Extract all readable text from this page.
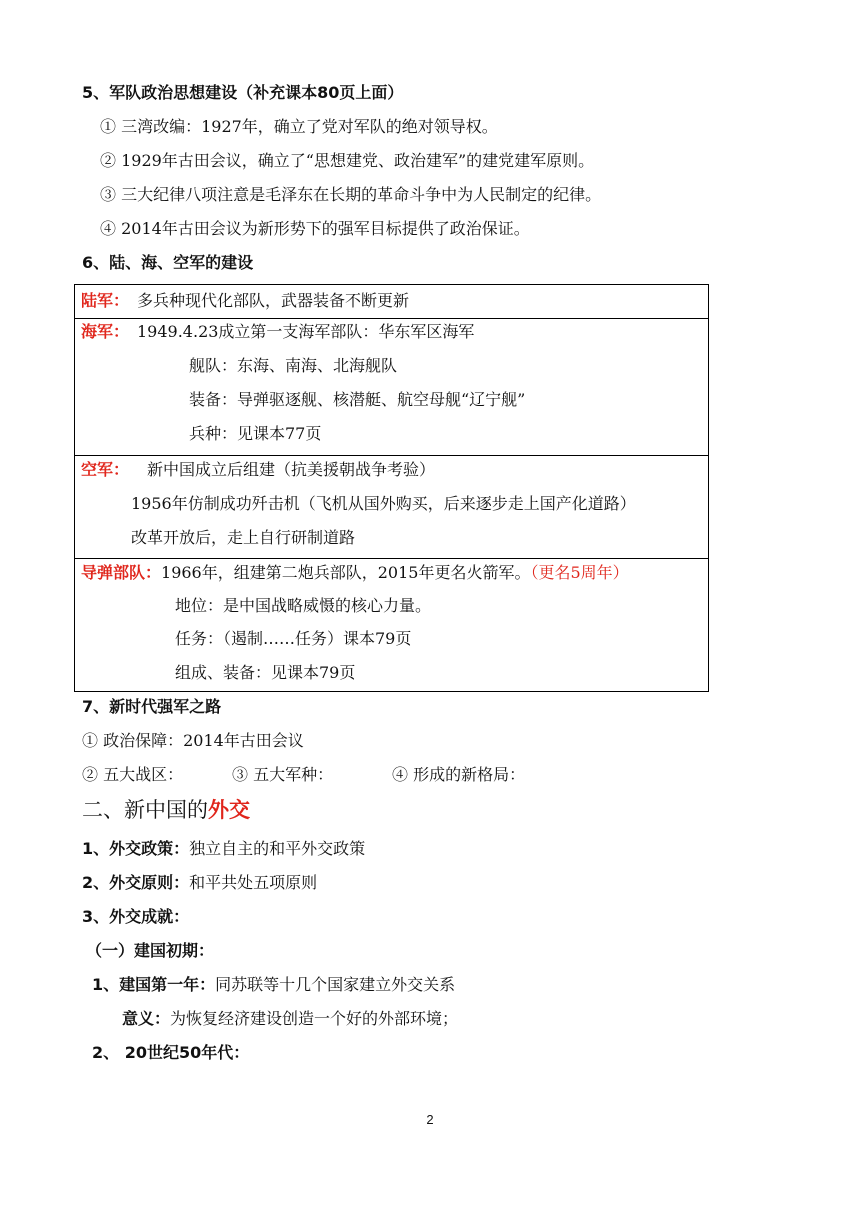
5、军队政治思想建设（补充课本80页上面）
① 三湾改编：1927年，确立了党对军队的绝对领导权。
② 1929年古田会议，确立了“思想建党、政治建军”的建党建军原则。
③ 三大纪律八项注意是毛泽东在长期的革命斗争中为人民制定的纪律。
④ 2014年古田会议为新形势下的强军目标提供了政治保证。
6、陆、海、空军的建设
陆军： 多兵种现代化部队，武器装备不断更新
海军： 1949.4.23成立第一支海军部队：华东军区海军
舰队：东海、南海、北海舰队
装备：导弹驱逐舰、核潜艇、航空母舰“辽宁舰”
兵种：见课本77页
空军： 新中国成立后组建（抗美援朝战争考验）
1956年仿制成功歼击机（飞机从国外购买，后来逐步走上国产化道路）
改革开放后，走上自行研制道路
导弹部队：1966年，组建第二炮兵部队，2015年更名火箭军。（更名5周年）
地位：是中国战略威慑的核心力量。
任务：（遏制……任务）课本79页
组成、装备：见课本79页
7、新时代强军之路
① 政治保障：2014年古田会议
② 五大战区：	③ 五大军种：	④ 形成的新格局：
二、新中国的外交
1、外交政策：独立自主的和平外交政策
2、外交原则：和平共处五项原则
3、外交成就：
（一）建国初期：
1、建国第一年：同苏联等十几个国家建立外交关系
意义：为恢复经济建设创造一个好的外部环境；
2、 20世纪50年代：
2
